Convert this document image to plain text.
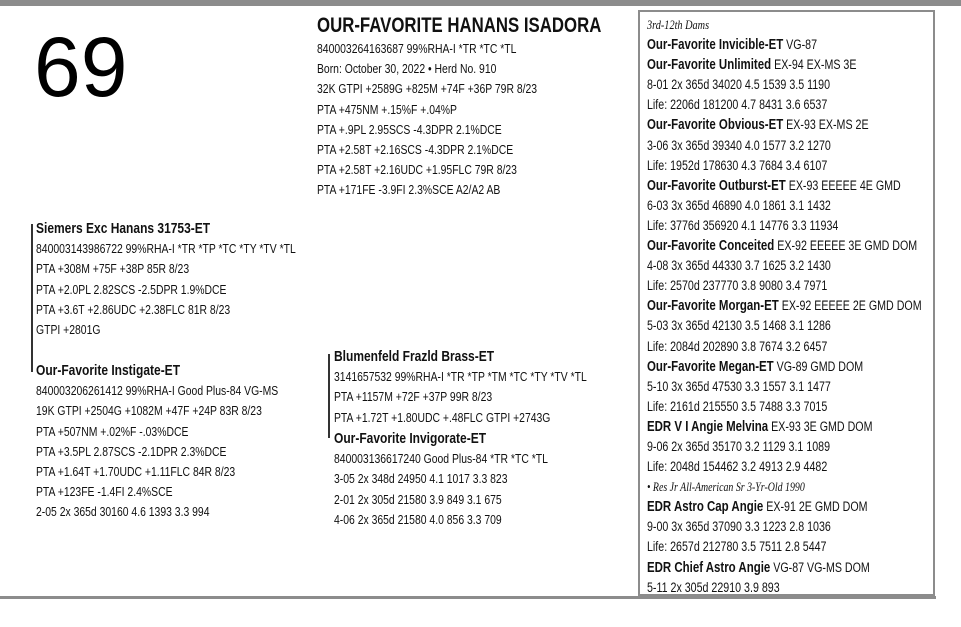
69	OUR-FAVORITE HANANS ISADORA
840003264163687 99%RHA-I *TR *TC *TL
Born: October 30, 2022 • Herd No. 910
32K GTPI +2589G +825M +74F +36P 79R 8/23
PTA +475NM +.15%F +.04%P
PTA +.9PL 2.95SCS -4.3DPR 2.1%DCE
PTA +2.58T +2.16SCS -4.3DPR 2.1%DCE
PTA +2.58T +2.16UDC +1.95FLC 79R 8/23
PTA +171FE -3.9FI 2.3%SCE A2/A2 AB
Siemers Exc Hanans 31753-ET
840003143986722 99%RHA-I *TR *TP *TC *TY *TV *TL
PTA +308M +75F +38P 85R 8/23
PTA +2.0PL 2.82SCS -2.5DPR 1.9%DCE
PTA +3.6T +2.86UDC +2.38FLC 81R 8/23
GTPI +2801G
Our-Favorite Instigate-ET
840003206261412 99%RHA-I Good Plus-84 VG-MS
19K GTPI +2504G +1082M +47F +24P 83R 8/23
PTA +507NM +.02%F -.03%DCE
PTA +3.5PL 2.87SCS -2.1DPR 2.3%DCE
PTA +1.64T +1.70UDC +1.11FLC 84R 8/23
PTA +123FE -1.4FI 2.4%SCE
2-05 2x 365d 30160 4.6 1393 3.3 994
Blumenfeld Frazld Brass-ET
3141657532 99%RHA-I *TR *TP *TM *TC *TY *TV *TL
PTA +1157M +72F +37P 99R 8/23
PTA +1.72T +1.80UDC +.48FLC GTPI +2743G
Our-Favorite Invigorate-ET
840003136617240 Good Plus-84 *TR *TC *TL
3-05 2x 348d 24950 4.1 1017 3.3 823
2-01 2x 305d 21580 3.9 849 3.1 675
4-06 2x 365d 21580 4.0 856 3.3 709
3rd-12th Dams
Our-Favorite Invicible-ET VG-87
Our-Favorite Unlimited EX-94 EX-MS 3E
8-01 2x 365d 34020 4.5 1539 3.5 1190
Life: 2206d 181200 4.7 8431 3.6 6537
Our-Favorite Obvious-ET EX-93 EX-MS 2E
3-06 3x 365d 39340 4.0 1577 3.2 1270
Life: 1952d 178630 4.3 7684 3.4 6107
Our-Favorite Outburst-ET EX-93 EEEEE 4E GMD
6-03 3x 365d 46890 4.0 1861 3.1 1432
Life: 3776d 356920 4.1 14776 3.3 11934
Our-Favorite Conceited EX-92 EEEEE 3E GMD DOM
4-08 3x 365d 44330 3.7 1625 3.2 1430
Life: 2570d 237770 3.8 9080 3.4 7971
Our-Favorite Morgan-ET EX-92 EEEEE 2E GMD DOM
5-03 3x 365d 42130 3.5 1468 3.1 1286
Life: 2084d 202890 3.8 7674 3.2 6457
Our-Favorite Megan-ET VG-89 GMD DOM
5-10 3x 365d 47530 3.3 1557 3.1 1477
Life: 2161d 215550 3.5 7488 3.3 7015
EDR V I Angie Melvina EX-93 3E GMD DOM
9-06 2x 365d 35170 3.2 1129 3.1 1089
Life: 2048d 154462 3.2 4913 2.9 4482
• Res Jr All-American Sr 3-Yr-Old 1990
EDR Astro Cap Angie EX-91 2E GMD DOM
9-00 3x 365d 37090 3.3 1223 2.8 1036
Life: 2657d 212780 3.5 7511 2.8 5447
EDR Chief Astro Angie VG-87 VG-MS DOM
5-11 2x 305d 22910 3.9 893
